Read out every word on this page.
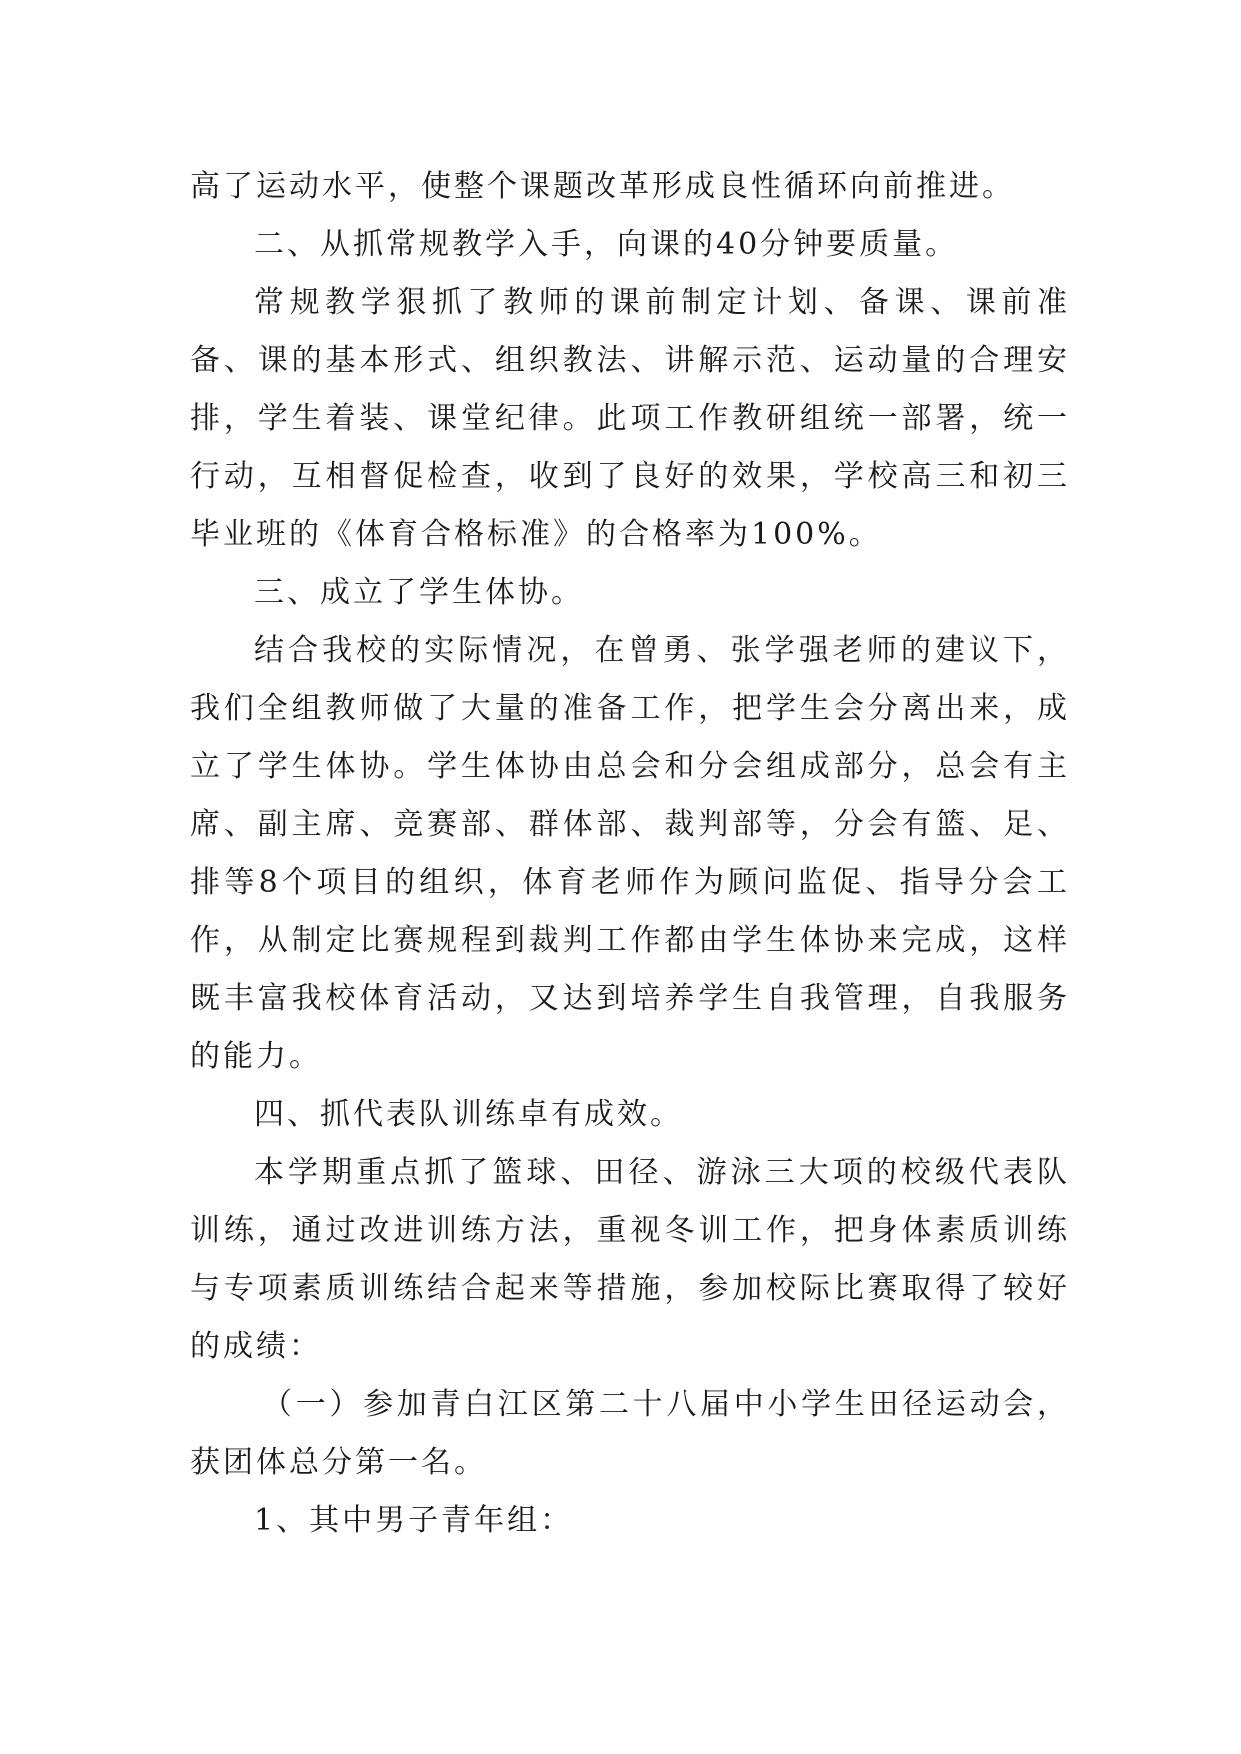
高了运动水平，使整个课题改革形成良性循环向前推进。

二、从抓常规教学入手，向课的40分钟要质量。

常规教学狠抓了教师的课前制定计划、备课、课前准备、课的基本形式、组织教法、讲解示范、运动量的合理安排，学生着装、课堂纪律。此项工作教研组统一部署，统一行动，互相督促检查，收到了良好的效果，学校高三和初三毕业班的《体育合格标准》的合格率为100%。

三、成立了学生体协。

结合我校的实际情况，在曾勇、张学强老师的建议下，我们全组教师做了大量的准备工作，把学生会分离出来，成立了学生体协。学生体协由总会和分会组成部分，总会有主席、副主席、竞赛部、群体部、裁判部等，分会有篮、足、排等8个项目的组织，体育老师作为顾问监促、指导分会工作，从制定比赛规程到裁判工作都由学生体协来完成，这样既丰富我校体育活动，又达到培养学生自我管理，自我服务的能力。

四、抓代表队训练卓有成效。

本学期重点抓了篮球、田径、游泳三大项的校级代表队训练，通过改进训练方法，重视冬训工作，把身体素质训练与专项素质训练结合起来等措施，参加校际比赛取得了较好的成绩：

（一）参加青白江区第二十八届中小学生田径运动会，获团体总分第一名。

1、其中男子青年组：
